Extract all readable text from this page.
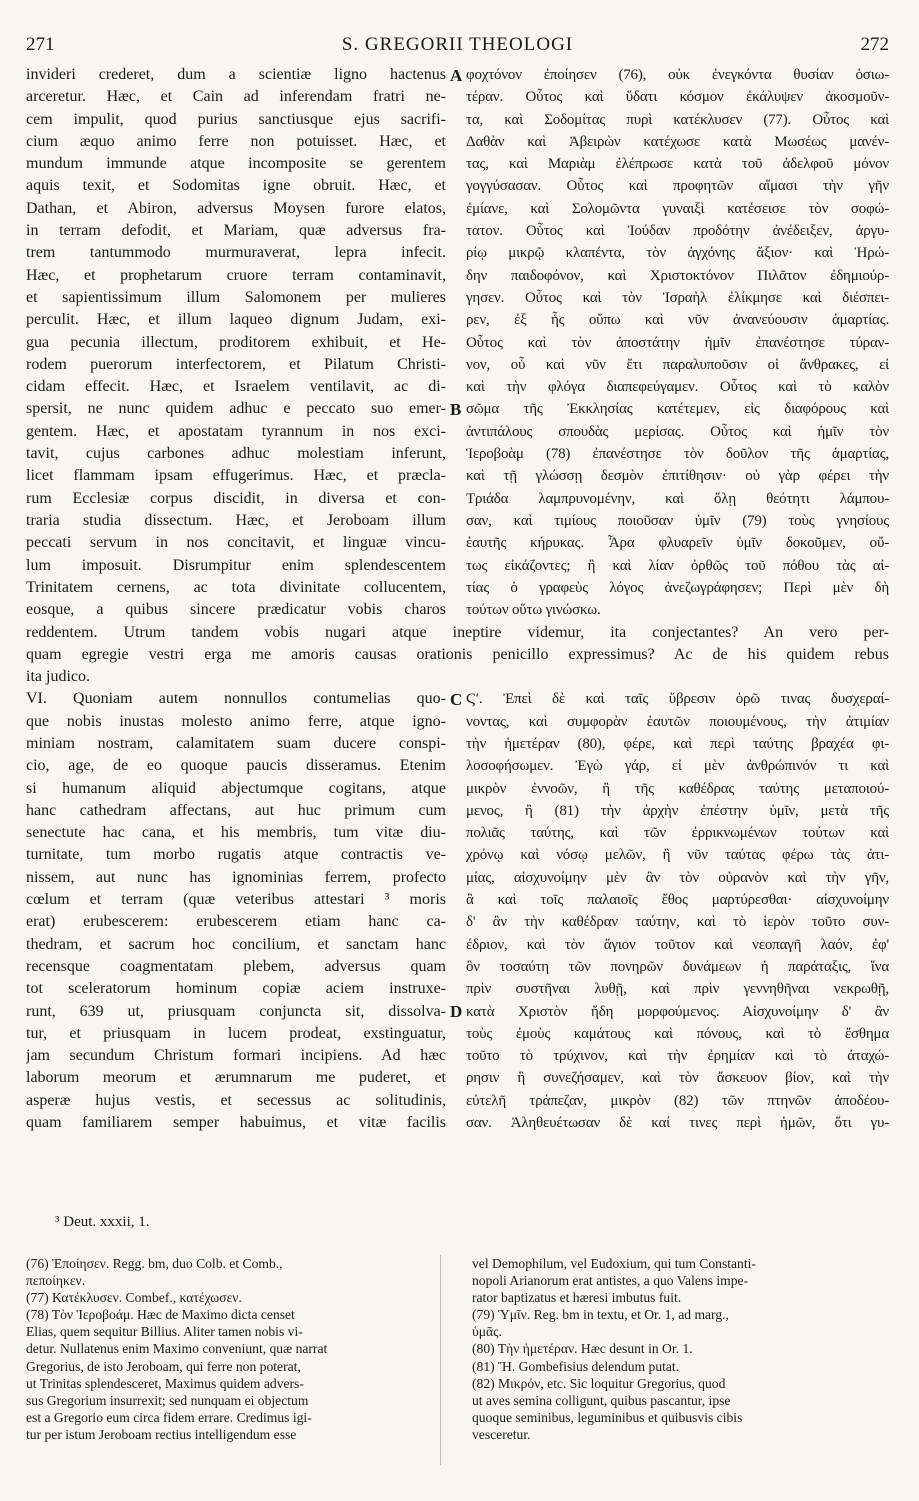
271	S. GREGORII THEOLOGI	272
invideri crederet, dum a scientiæ ligno hactenus
arceretur. Hæc, et Cain ad inferendam fratri ne-
cem impulit, quod purius sanctiusque ejus sacrifi-
cium æquo animo ferre non potuisset. Hæc, et
mundum immunde atque incomposite se gerentem
aquis texit, et Sodomitas igne obruit. Hæc, et
Dathan, et Abiron, adversus Moysen furore elatos,
in terram defodit, et Mariam, quæ adversus fra-
trem tantummodo murmuraverat, lepra infecit.
Hæc, et prophetarum cruore terram contaminavit,
et sapientissimum illum Salomonem per mulieres
perculit. Hæc, et illum laqueo dignum Judam, exi-
gua pecunia illectum, proditorem exhibuit, et He-
rodem puerorum interfectorem, et Pilatum Christi-
cidam effecit. Hæc, et Israelem ventilavit, ac di-
spersit, ne nunc quidem adhuc e peccato suo emer-
gentem. Hæc, et apostatam tyrannum in nos exci-
tavit, cujus carbones adhuc molestiam inferunt,
licet flammam ipsam effugerimus. Hæc, et præcla-
rum Ecclesiæ corpus discidit, in diversa et con-
traria studia dissectum. Hæc, et Jeroboam illum
peccati servum in nos concitavit, et linguæ vincu-
lum imposuit. Disrumpitur enim splendescentem
Trinitatem cernens, ac tota divinitate collucentem,
eosque, a quibus sincere prædicatur vobis charos
φοχτόνον ἐποίησεν (76), οὐκ ἐνεγκόντα θυσίαν ὁσιω-
τέραν. Οὗτος καὶ ὕδατι κόσμον ἐκάλυψεν ἀκοσμοῦν-
τα, καὶ Σοδομίτας πυρὶ κατέκλυσεν (77). Οὗτος καὶ
Δαθὰν καὶ Ἀβειρὼν κατέχωσε κατὰ Μωσέως μανέν-
τας, καὶ Μαριὰμ ἐλέπρωσε κατὰ τοῦ ἀδελφοῦ μόνον
γογγύσασαν. Οὗτος καὶ προφητῶν αἵμασι τὴν γῆν
ἐμίανε, καὶ Σολομῶντα γυναιξὶ κατέσεισε τὸν σοφώ-
τατον. Οὗτος καὶ Ἰούδαν προδότην ἀνέδειξεν, ἀργυ-
ρίῳ μικρῷ κλαπέντα, τὸν ἀγχόνης ἄξιον· καὶ Ἡρώ-
δην παιδοφόνον, καὶ Χριστοκτόνον Πιλᾶτον ἐδημιούρ-
γησεν. Οὗτος καὶ τὸν Ἰσραὴλ ἐλίκμησε καὶ διέσπει-
ρεν, ἐξ ἧς οὔπω καὶ νῦν ἀνανεύουσιν ἁμαρτίας.
Οὗτος καὶ τὸν ἀποστάτην ἡμῖν ἐπανέστησε τύραν-
νον, οὗ καὶ νῦν ἔτι παραλυποῦσιν οἱ ἄνθρακες, εἰ
καὶ τὴν φλόγα διαπεφεύγαμεν. Οὗτος καὶ τὸ καλὸν
σῶμα τῆς Ἐκκλησίας κατέτεμεν, εἰς διαφόρους καὶ
ἀντιπάλους σπουδὰς μερίσας. Οὗτος καὶ ἡμῖν τὸν
Ἱεροβοὰμ (78) ἐπανέστησε τὸν δοῦλον τῆς ἁμαρτίας,
καὶ τῇ γλώσσῃ δεσμὸν ἐπιτίθησιν· οὐ γὰρ φέρει τὴν
Τριάδα λαμπρυνομένην, καὶ ὅλῃ θεότητι λάμπου-
σαν, καὶ τιμίους ποιοῦσαν ὑμῖν (79) τοὺς γνησίους
ἑαυτῆς κήρυκας. Ἆρα φλυαρεῖν ὑμῖν δοκοῦμεν, οὔ-
τως εἰκάζοντες; ἢ καὶ λίαν ὀρθῶς τοῦ πόθου τὰς αἰ-
τίας ὁ γραφεὺς λόγος ἀνεζωγράφησεν; Περὶ μὲν δὴ
τούτων οὕτω γινώσκω.
reddentem. Utrum tandem vobis nugari atque ineptire videmur, ita conjectantes? An vero per-
quam egregie vestri erga me amoris causas orationis penicillo expressimus? Ac de his quidem rebus
ita judico.
VI. Quoniam autem nonnullos contumelias quo-
que nobis inustas molesto animo ferre, atque igno-
miniam nostram, calamitatem suam ducere conspi-
cio, age, de eo quoque paucis disseramus. Etenim
si humanum aliquid abjectumque cogitans, atque
hanc cathedram affectans, aut huc primum cum
senectute hac cana, et his membris, tum vitæ diu-
turnitate, tum morbo rugatis atque contractis ve-
nissem, aut nunc has ignominias ferrem, profecto
cœlum et terram (quæ veteribus attestari ³ moris
erat) erubescerem: erubescerem etiam hanc ca-
thedram, et sacrum hoc concilium, et sanctam hanc
recensque coagmentatam plebem, adversus quam
tot sceleratorum hominum copiæ aciem instruxe-
runt, 639 ut, priusquam conjuncta sit, dissolva-
tur, et priusquam in lucem prodeat, exstinguatur,
jam secundum Christum formari incipiens. Ad hæc
laborum meorum et ærumnarum me puderet, et
asperæ hujus vestis, et secessus ac solitudinis,
quam familiarem semper habuimus, et vitæ facilis
Ϛʹ. Ἐπεὶ δὲ καὶ ταῖς ὕβρεσιν ὁρῶ τινας δυσχεραί-
νοντας, καὶ συμφορὰν ἑαυτῶν ποιουμένους, τὴν ἀτιμίαν
τὴν ἡμετέραν (80), φέρε, καὶ περὶ ταύτης βραχέα φι-
λοσοφήσωμεν. Ἐγὼ γάρ, εἰ μὲν ἀνθρώπινόν τι καὶ
μικρὸν ἐννοῶν, ἢ τῆς καθέδρας ταύτης μεταποιού-
μενος, ἢ (81) τὴν ἀρχὴν ἐπέστην ὑμῖν, μετὰ τῆς
πολιᾶς ταύτης, καὶ τῶν ἐρρικνωμένων τούτων καὶ
χρόνῳ καὶ νόσῳ μελῶν, ἢ νῦν ταύτας φέρω τὰς ἀτι-
μίας, αἰσχυνοίμην μὲν ἂν τὸν οὐρανὸν καὶ τὴν γῆν,
ἃ καὶ τοῖς παλαιοῖς ἔθος μαρτύρεσθαι· αἰσχυνοίμην
δ' ἂν τὴν καθέδραν ταύτην, καὶ τὸ ἱερὸν τοῦτο συν-
έδριον, καὶ τὸν ἅγιον τοῦτον καὶ νεοπαγῆ λαόν, ἐφ'
ὃν τοσαύτη τῶν πονηρῶν δυνάμεων ἡ παράταξις, ἵνα
πρὶν συστῆναι λυθῇ, καὶ πρὶν γεννηθῆναι νεκρωθῇ,
κατὰ Χριστὸν ἤδη μορφούμενος. Αἰσχυνοίμην δ' ἂν
τοὺς ἐμοὺς καμάτους καὶ πόνους, καὶ τὸ ἔσθημα
τοῦτο τὸ τρύχινον, καὶ τὴν ἐρημίαν καὶ τὸ ἀταχώ-
ρησιν ἣ συνεζήσαμεν, καὶ τὸν ἄσκευον βίον, καὶ τὴν
εὐτελῆ τράπεζαν, μικρὸν (82) τῶν πτηνῶν ἀποδέου-
σαν. Ἀληθευέτωσαν δὲ καί τινες περὶ ἡμῶν, ὅτι γυ-
A
B
C
D
³ Deut. xxxii, 1.
(76) Ἐποίησεν. Regg. bm, duo Colb. et Comb.,
πεποίηκεν.
(77) Κατέκλυσεν. Combef., κατέχωσεν.
(78) Τὸν Ἱεροβοάμ. Hæc de Maximo dicta censet
Elias, quem sequitur Billius. Aliter tamen nobis vi-
detur. Nullatenus enim Maximo conveniunt, quæ narrat
Gregorius, de isto Jeroboam, qui ferre non poterat,
ut Trinitas splendesceret, Maximus quidem advers-
sus Gregorium insurrexit; sed nunquam ei objectum
est a Gregorio eum circa fidem errare. Credimus igi-
tur per istum Jeroboam rectius intelligendum esse
vel Demophilum, vel Eudoxium, qui tum Constanti-
nopoli Arianorum erat antistes, a quo Valens impe-
rator baptizatus et hæresi imbutus fuit.
(79) Ὑμῖν. Reg. bm in textu, et Or. 1, ad marg.,
ὑμᾶς.
(80) Τὴν ἡμετέραν. Hæc desunt in Or. 1.
(81) Ἤ. Gombefisius delendum putat.
(82) Μικρόν, etc. Sic loquitur Gregorius, quod
ut aves semina colligunt, quibus pascantur, ipse
quoque seminibus, leguminibus et quibusvis cibis
vesceretur.
